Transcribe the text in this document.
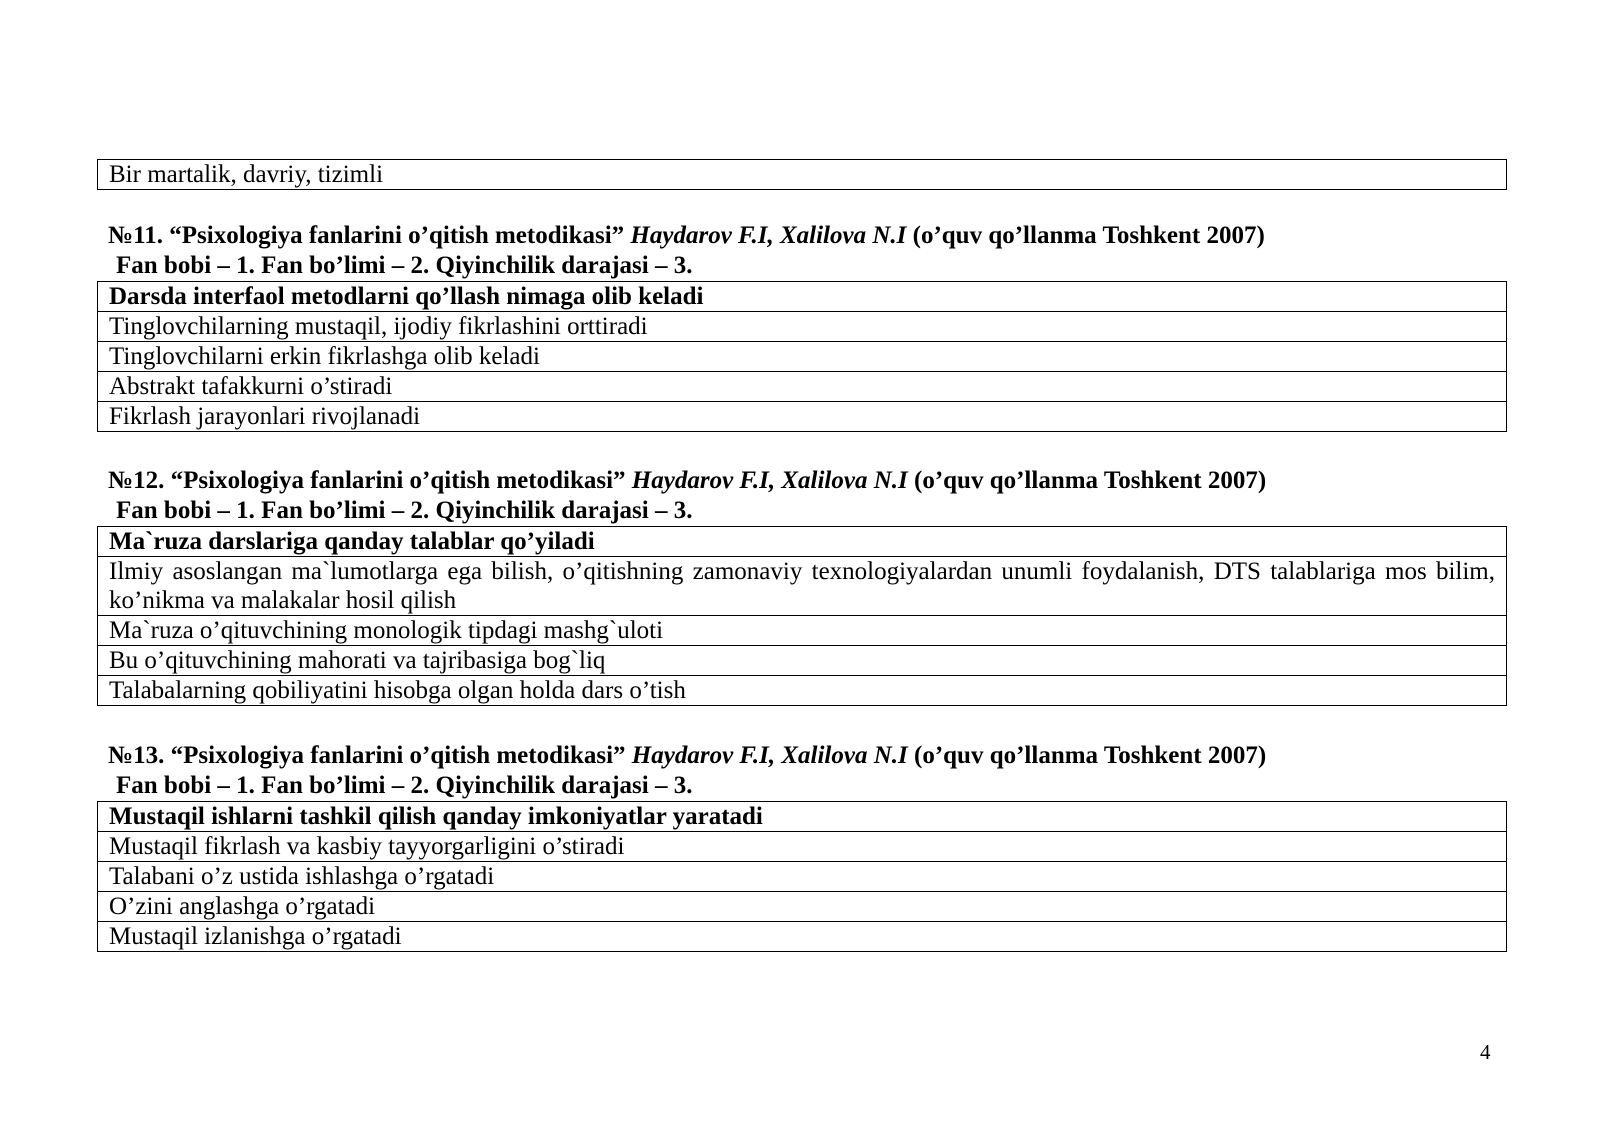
Bir martalik, davriy, tizimli
№11. “Psixologiya fanlarini o’qitish metodikasi” Haydarov F.I, Xalilova N.I (o’quv qo’llanma Toshkent 2007)
Fan bobi – 1. Fan bo’limi – 2. Qiyinchilik darajasi – 3.
Darsda interfaol metodlarni qo’llash nimaga olib keladi
Tinglovchilarning mustaqil, ijodiy fikrlashini orttiradi
Tinglovchilarni erkin fikrlashga olib keladi
Abstrakt tafakkurni o’stiradi
Fikrlash jarayonlari rivojlanadi
№12. “Psixologiya fanlarini o’qitish metodikasi” Haydarov F.I, Xalilova N.I (o’quv qo’llanma Toshkent 2007)
Fan bobi – 1. Fan bo’limi – 2. Qiyinchilik darajasi – 3.
Ma`ruza darslariga qanday talablar qo’yiladi
Ilmiy asoslangan ma`lumotlarga ega bilish, o’qitishning zamonaviy texnologiyalardan unumli foydalanish, DTS talablariga mos bilim, ko’nikma va malakalar hosil qilish
Ma`ruza o’qituvchining monologik tipdagi mashg`uloti
Bu o’qituvchining mahorati va tajribasiga bog`liq
Talabalarning qobiliyatini hisobga olgan holda dars o’tish
№13. “Psixologiya fanlarini o’qitish metodikasi” Haydarov F.I, Xalilova N.I (o’quv qo’llanma Toshkent 2007)
Fan bobi – 1. Fan bo’limi – 2. Qiyinchilik darajasi – 3.
Mustaqil ishlarni tashkil qilish qanday imkoniyatlar yaratadi
Mustaqil fikrlash va kasbiy tayyorgarligini o’stiradi
Talabani o’z ustida ishlashga o’rgatadi
O’zini anglashga o’rgatadi
Mustaqil izlanishga o’rgatadi
4
